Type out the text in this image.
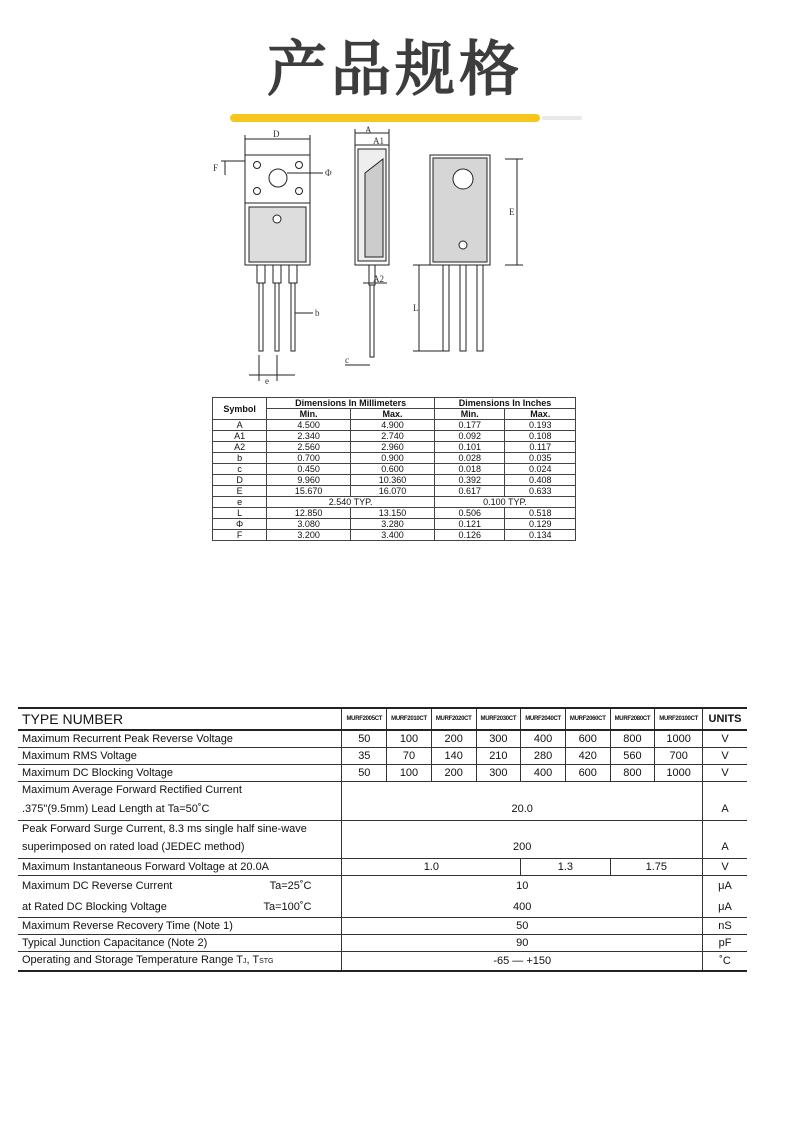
产品规格
D
F	Φ
A
A1
A2
E
L
b
c
e
Symbol	Dimensions In Millimeters		Dimensions In Inches	
	Min.	Max.	Min.	Max.
A	4.500	4.900	0.177	0.193
A1	2.340	2.740	0.092	0.108
A2	2.560	2.960	0.101	0.117
b	0.700	0.900	0.028	0.035
c	0.450	0.600	0.018	0.024
D	9.960	10.360	0.392	0.408
E	15.670	16.070	0.617	0.633
e	2.540 TYP.		0.100 TYP.	
L	12.850	13.150	0.506	0.518
Φ	3.080	3.280	0.121	0.129
F	3.200	3.400	0.126	0.134
TYPE NUMBER	MURF2005CT	MURF2010CT	MURF2020CT	MURF2030CT	MURF2040CT	MURF2060CT	MURF2080CT	MURF20100CT	UNITS
Maximum Recurrent Peak Reverse Voltage	50	100	200	300	400	600	800	1000	V
Maximum RMS Voltage	35	70	140	210	280	420	560	700	V
Maximum DC Blocking Voltage	50	100	200	300	400	600	800	1000	V
Maximum Average Forward Rectified Current									
.375"(9.5mm) Lead Length at Ta=50˚C	20.0								A
Peak Forward Surge Current, 8.3 ms single half sine-wave									
superimposed on rated load (JEDEC method)	200								A
Maximum Instantaneous Forward Voltage at 20.0A	1.0				1.3		1.75		V
Maximum DC Reverse Current Ta=25˚C	10								μA
at Rated DC Blocking Voltage Ta=100˚C	400								μA
Maximum Reverse Recovery Time (Note 1)	50								nS
Typical Junction Capacitance (Note 2)	90								pF
Operating and Storage Temperature Range TJ, TSTG	-65 — +150								˚C
